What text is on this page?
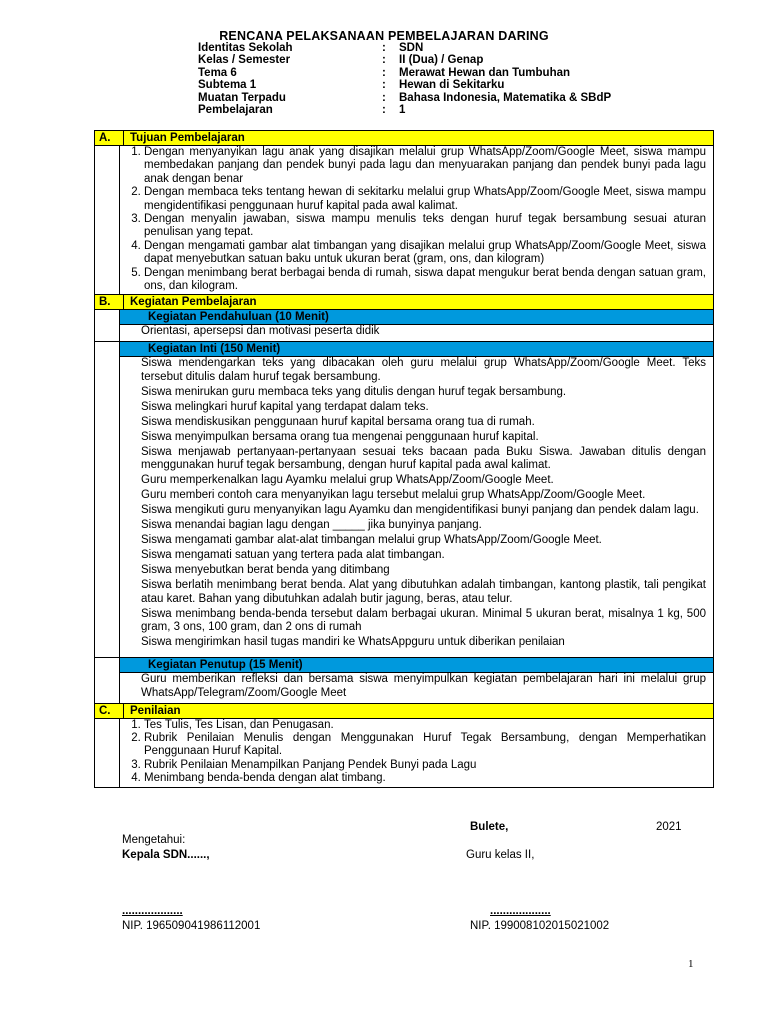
RENCANA PELAKSANAAN PEMBELAJARAN DARING
Identitas Sekolah	:	SDN
Kelas / Semester	:	II (Dua) / Genap
Tema 6	:	Merawat Hewan dan Tumbuhan
Subtema 1	:	Hewan di Sekitarku
Muatan Terpadu	:	Bahasa Indonesia, Matematika & SBdP
Pembelajaran	:	1
A.	Tujuan Pembelajaran
1. Dengan menyanyikan lagu anak yang disajikan melalui grup WhatsApp/Zoom/Google Meet, siswa mampu membedakan panjang dan pendek bunyi pada lagu dan menyuarakan panjang dan pendek bunyi pada lagu anak dengan benar
2. Dengan membaca teks tentang hewan di sekitarku melalui grup WhatsApp/Zoom/Google Meet, siswa mampu mengidentifikasi penggunaan huruf kapital pada awal kalimat.
3. Dengan menyalin jawaban, siswa mampu menulis teks dengan huruf tegak bersambung sesuai aturan penulisan yang tepat.
4. Dengan mengamati gambar alat timbangan yang disajikan melalui grup WhatsApp/Zoom/Google Meet, siswa dapat menyebutkan satuan baku untuk ukuran berat (gram, ons, dan kilogram)
5. Dengan menimbang berat berbagai benda di rumah, siswa dapat mengukur berat benda dengan satuan gram, ons, dan kilogram.
B.	Kegiatan Pembelajaran
Kegiatan Pendahuluan (10 Menit)
Orientasi, apersepsi dan motivasi peserta didik
Kegiatan Inti (150 Menit)
Siswa mendengarkan teks yang dibacakan oleh guru melalui grup WhatsApp/Zoom/Google Meet. Teks tersebut ditulis dalam huruf tegak bersambung.
Siswa menirukan guru membaca teks yang ditulis dengan huruf tegak bersambung.
Siswa melingkari huruf kapital yang terdapat dalam teks.
Siswa mendiskusikan penggunaan huruf kapital bersama orang tua di rumah.
Siswa menyimpulkan bersama orang tua mengenai penggunaan huruf kapital.
Siswa menjawab pertanyaan-pertanyaan sesuai teks bacaan pada Buku Siswa. Jawaban ditulis dengan menggunakan huruf tegak bersambung, dengan huruf kapital pada awal kalimat.
Guru memperkenalkan lagu Ayamku melalui grup WhatsApp/Zoom/Google Meet.
Guru memberi contoh cara menyanyikan lagu tersebut melalui grup WhatsApp/Zoom/Google Meet.
Siswa mengikuti guru menyanyikan lagu Ayamku dan mengidentifikasi bunyi panjang dan pendek dalam lagu.
Siswa menandai bagian lagu dengan _____ jika bunyinya panjang.
Siswa mengamati gambar alat-alat timbangan melalui grup WhatsApp/Zoom/Google Meet.
Siswa mengamati satuan yang tertera pada alat timbangan.
Siswa menyebutkan berat benda yang ditimbang
Siswa berlatih menimbang berat benda. Alat yang dibutuhkan adalah timbangan, kantong plastik, tali pengikat atau karet. Bahan yang dibutuhkan adalah butir jagung, beras, atau telur.
Siswa menimbang benda-benda tersebut dalam berbagai ukuran. Minimal 5 ukuran berat, misalnya 1 kg, 500 gram, 3 ons, 100 gram, dan 2 ons di rumah
Siswa mengirimkan hasil tugas mandiri ke WhatsAppguru untuk diberikan penilaian
Kegiatan Penutup (15 Menit)
Guru memberikan refleksi dan bersama siswa menyimpulkan kegiatan pembelajaran hari ini melalui grup WhatsApp/Telegram/Zoom/Google Meet
C.	Penilaian
1. Tes Tulis, Tes Lisan, dan Penugasan.
2. Rubrik Penilaian Menulis dengan Menggunakan Huruf Tegak Bersambung, dengan Memperhatikan Penggunaan Huruf Kapital.
3. Rubrik Penilaian Menampilkan Panjang Pendek Bunyi pada Lagu
4. Menimbang benda-benda dengan alat timbang.
Bulete,	2021
Mengetahui:
Kepala SDN......,	Guru kelas II,
...................	...................
NIP. 196509041986112001	NIP. 199008102015021002
1
